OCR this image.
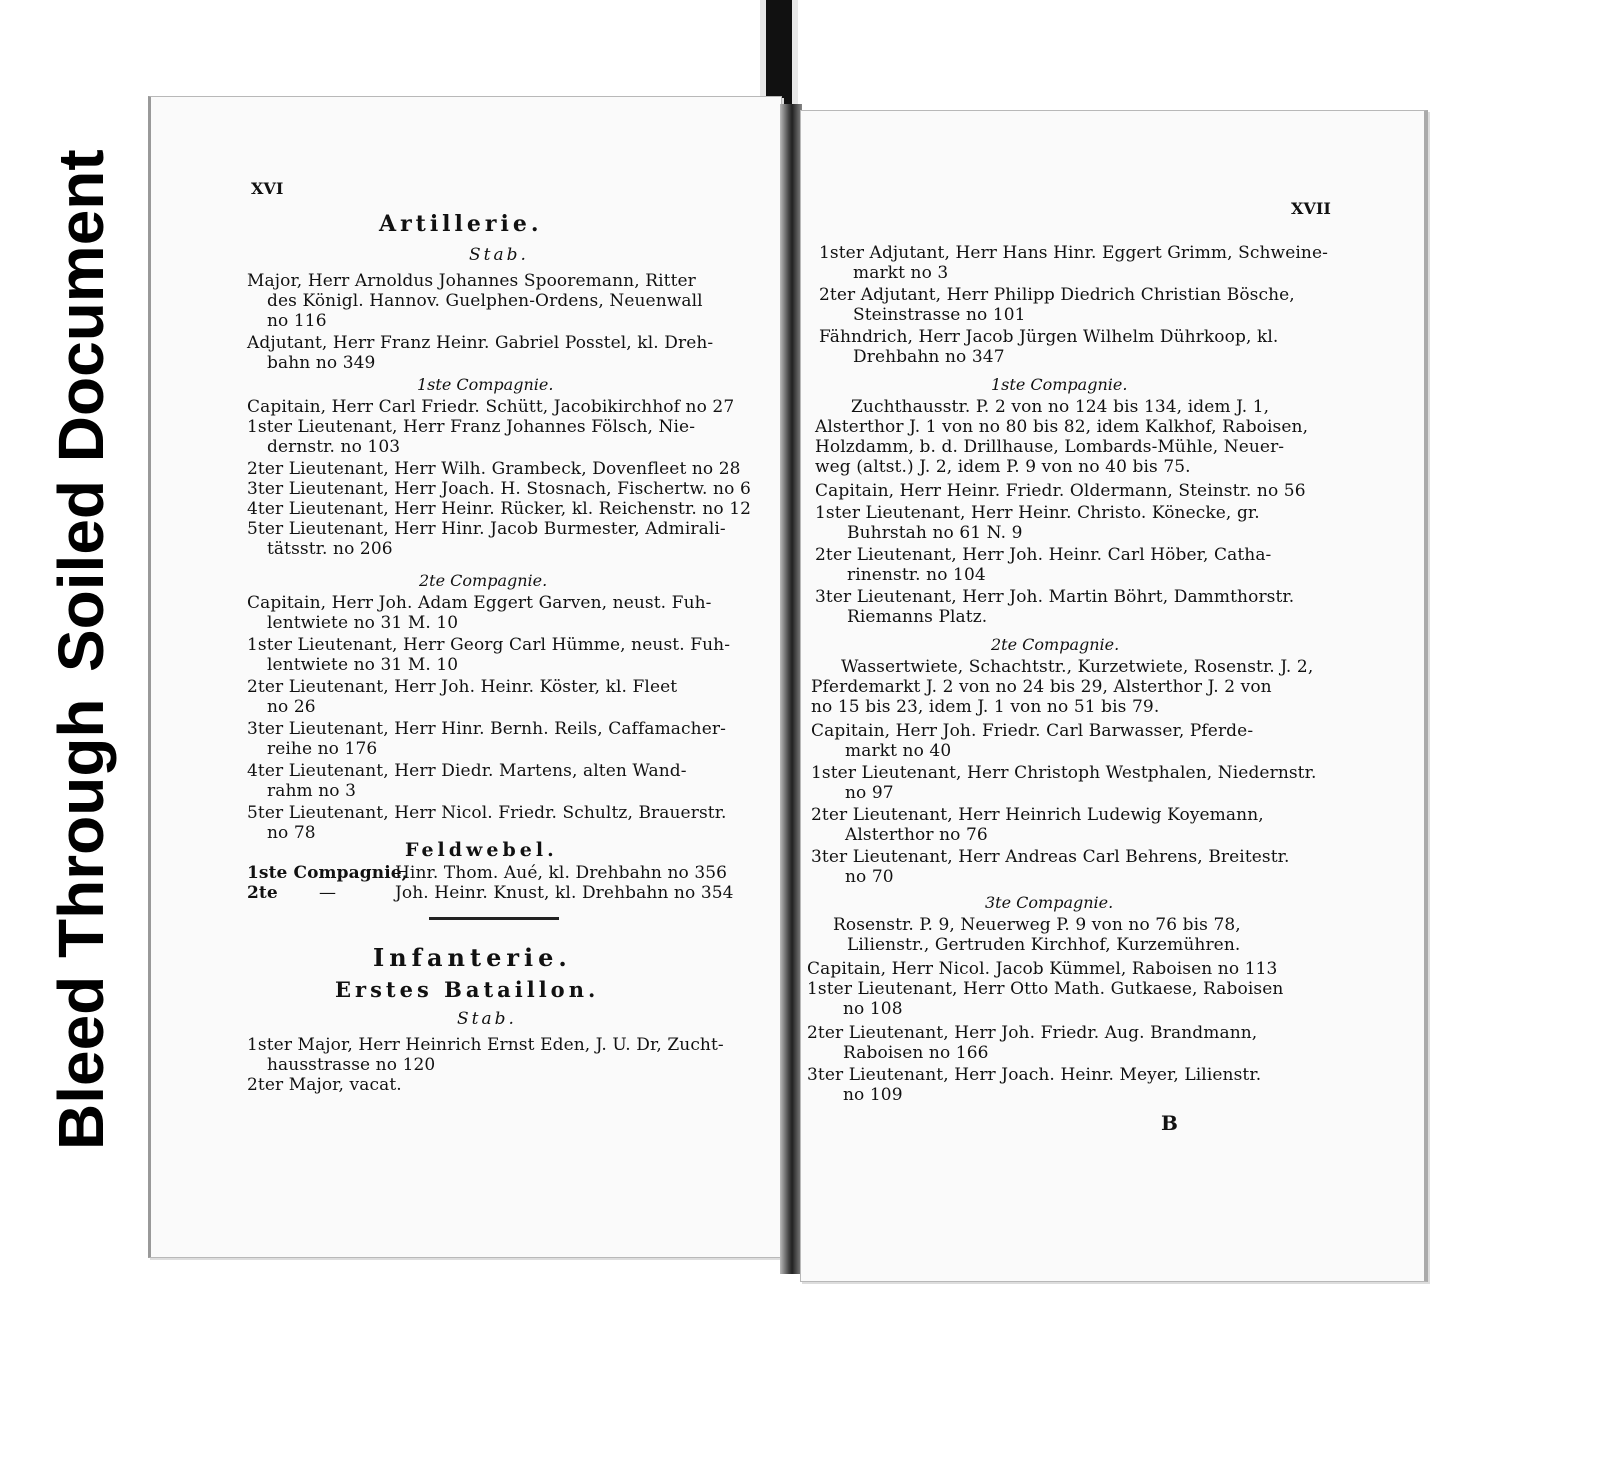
Bleed Through
Soiled Document	XVI
Artillerie.
Stab.
Major, Herr Arnoldus Johannes Spooremann, Ritter
des Königl. Hannov. Guelphen-Ordens, Neuenwall
no 116
Adjutant, Herr Franz Heinr. Gabriel Posstel, kl. Dreh-
bahn no 349
1ste Compagnie.
Capitain, Herr Carl Friedr. Schütt, Jacobikirchhof no 27
1ster Lieutenant, Herr Franz Johannes Fölsch, Nie-
dernstr. no 103
2ter Lieutenant, Herr Wilh. Grambeck, Dovenfleet no 28
3ter Lieutenant, Herr Joach. H. Stosnach, Fischertw. no 6
4ter Lieutenant, Herr Heinr. Rücker, kl. Reichenstr. no 12
5ter Lieutenant, Herr Hinr. Jacob Burmester, Admirali-
tätsstr. no 206
2te Compagnie.
Capitain, Herr Joh. Adam Eggert Garven, neust. Fuh-
lentwiete no 31 M. 10
1ster Lieutenant, Herr Georg Carl Hümme, neust. Fuh-
lentwiete no 31 M. 10
2ter Lieutenant, Herr Joh. Heinr. Köster, kl. Fleet
no 26
3ter Lieutenant, Herr Hinr. Bernh. Reils, Caffamacher-
reihe no 176
4ter Lieutenant, Herr Diedr. Martens, alten Wand-
rahm no 3
5ter Lieutenant, Herr Nicol. Friedr. Schultz, Brauerstr.
no 78
Feldwebel.
1ste Compagnie,
Hinr. Thom. Aué, kl. Drehbahn no 356
2te —	Joh. Heinr. Knust, kl. Drehbahn no 354
Infanterie.
Erstes Bataillon.
Stab.
1ster Major, Herr Heinrich Ernst Eden, J. U. Dr, Zucht-
hausstrasse no 120
2ter Major, vacat.
XVII
1ster Adjutant, Herr Hans Hinr. Eggert Grimm, Schweine-
markt no 3
2ter Adjutant, Herr Philipp Diedrich Christian Bösche,
Steinstrasse no 101
Fähndrich, Herr Jacob Jürgen Wilhelm Dührkoop, kl.
Drehbahn no 347
1ste Compagnie.
Zuchthausstr. P. 2 von no 124 bis 134, idem J. 1,
Alsterthor J. 1 von no 80 bis 82, idem Kalkhof, Raboisen,
Holzdamm, b. d. Drillhause, Lombards-Mühle, Neuer-
weg (altst.) J. 2, idem P. 9 von no 40 bis 75.
Capitain, Herr Heinr. Friedr. Oldermann, Steinstr. no 56
1ster Lieutenant, Herr Heinr. Christo. Könecke, gr.
Buhrstah no 61 N. 9
2ter Lieutenant, Herr Joh. Heinr. Carl Höber, Catha-
rinenstr. no 104
3ter Lieutenant, Herr Joh. Martin Böhrt, Dammthorstr.
Riemanns Platz.
2te Compagnie.
Wassertwiete, Schachtstr., Kurzetwiete, Rosenstr. J. 2,
Pferdemarkt J. 2 von no 24 bis 29, Alsterthor J. 2 von
no 15 bis 23, idem J. 1 von no 51 bis 79.
Capitain, Herr Joh. Friedr. Carl Barwasser, Pferde-
markt no 40
1ster Lieutenant, Herr Christoph Westphalen, Niedernstr.
no 97
2ter Lieutenant, Herr Heinrich Ludewig Koyemann,
Alsterthor no 76
3ter Lieutenant, Herr Andreas Carl Behrens, Breitestr.
no 70
3te Compagnie.
Rosenstr. P. 9, Neuerweg P. 9 von no 76 bis 78,
Lilienstr., Gertruden Kirchhof, Kurzemühren.
Capitain, Herr Nicol. Jacob Kümmel, Raboisen no 113
1ster Lieutenant, Herr Otto Math. Gutkaese, Raboisen
no 108
2ter Lieutenant, Herr Joh. Friedr. Aug. Brandmann,
Raboisen no 166
3ter Lieutenant, Herr Joach. Heinr. Meyer, Lilienstr.
no 109
B
